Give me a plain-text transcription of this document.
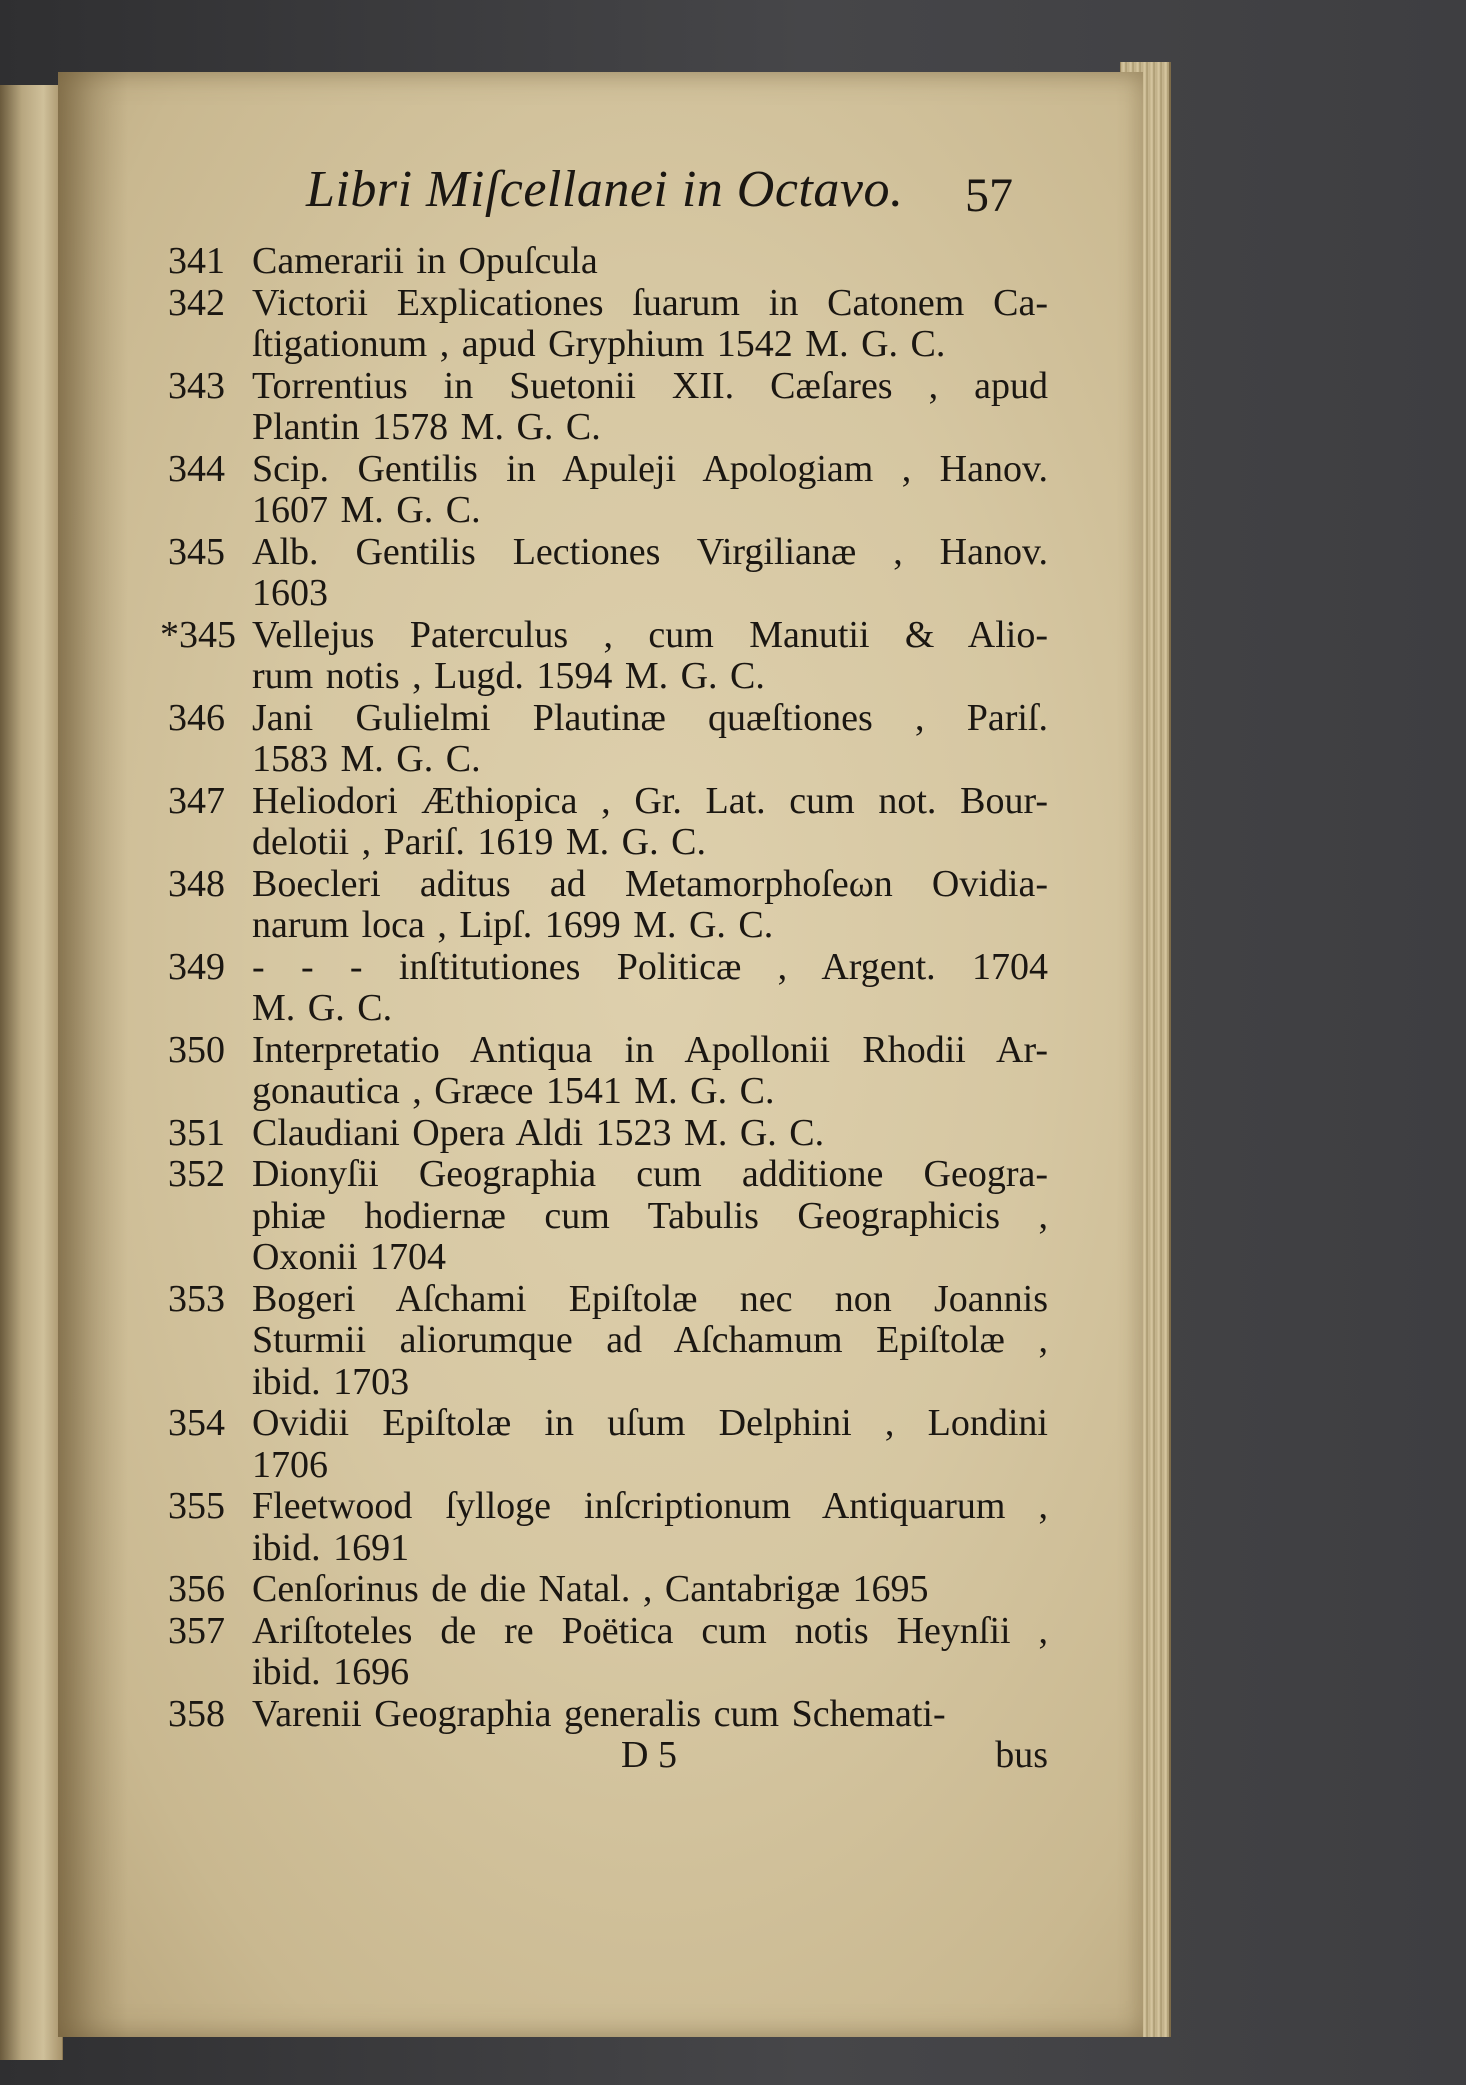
Libri Miſcellanei in Octavo. 57
341 Camerarii in Opuſcula
342 Victorii Explicationes ſuarum in Catonem Ca-
ſtigationum , apud Gryphium 1542 M. G. C.
343 Torrentius in Suetonii XII. Cæſares , apud
Plantin 1578 M. G. C.
344 Scip. Gentilis in Apuleji Apologiam , Hanov.
1607 M. G. C.
345 Alb. Gentilis Lectiones Virgilianæ , Hanov.
1603
*345 Vellejus Paterculus , cum Manutii & Alio-
rum notis , Lugd. 1594 M. G. C.
346 Jani Gulielmi Plautinæ quæſtiones , Pariſ.
1583 M. G. C.
347 Heliodori Æthiopica , Gr. Lat. cum not. Bour-
delotii , Pariſ. 1619 M. G. C.
348 Boecleri aditus ad Metamorphoſeωn Ovidia-
narum loca , Lipſ. 1699 M. G. C.
349 - - - inſtitutiones Politicæ , Argent. 1704
M. G. C.
350 Interpretatio Antiqua in Apollonii Rhodii Ar-
gonautica , Græce 1541 M. G. C.
351 Claudiani Opera Aldi 1523 M. G. C.
352 Dionyſii Geographia cum additione Geogra-
phiæ hodiernæ cum Tabulis Geographicis ,
Oxonii 1704
353 Bogeri Aſchami Epiſtolæ nec non Joannis
Sturmii aliorumque ad Aſchamum Epiſtolæ ,
ibid. 1703
354 Ovidii Epiſtolæ in uſum Delphini , Londini
1706
355 Fleetwood ſylloge inſcriptionum Antiquarum ,
ibid. 1691
356 Cenſorinus de die Natal. , Cantabrigæ 1695
357 Ariſtoteles de re Poëtica cum notis Heynſii ,
ibid. 1696
358 Varenii Geographia generalis cum Schemati-
D 5	bus
